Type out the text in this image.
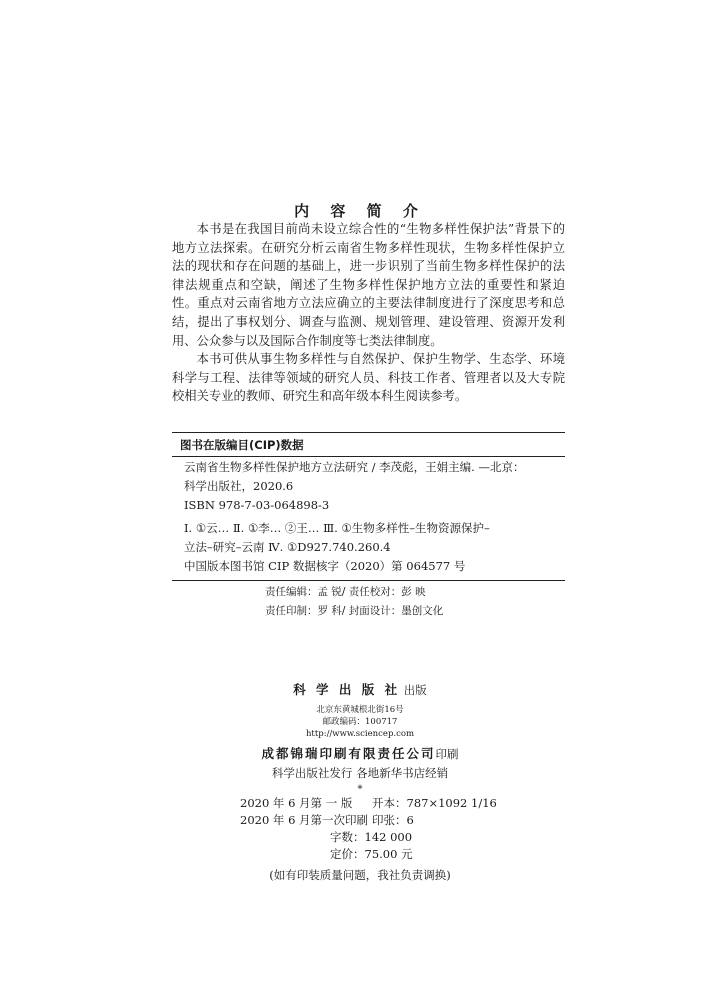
内 容 简 介

本书是在我国目前尚未设立综合性的“生物多样性保护法”背景下的地方立法探索。在研究分析云南省生物多样性现状，生物多样性保护立法的现状和存在问题的基础上，进一步识别了当前生物多样性保护的法律法规重点和空缺，阐述了生物多样性保护地方立法的重要性和紧迫性。重点对云南省地方立法应确立的主要法律制度进行了深度思考和总结，提出了事权划分、调查与监测、规划管理、建设管理、资源开发利用、公众参与以及国际合作制度等七类法律制度。

本书可供从事生物多样性与自然保护、保护生物学、生态学、环境科学与工程、法律等领域的研究人员、科技工作者、管理者以及大专院校相关专业的教师、研究生和高年级本科生阅读参考。

图书在版编目(CIP)数据
云南省生物多样性保护地方立法研究 / 李茂彪，王娟主编. —北京：
科学出版社，2020.6
ISBN 978-7-03-064898-3
Ⅰ. ①云… Ⅱ. ①李… ②王… Ⅲ. ①生物多样性–生物资源保护–
立法–研究–云南 Ⅳ. ①D927.740.260.4
中国版本图书馆 CIP 数据核字（2020）第 064577 号
责任编辑：孟 锐/ 责任校对：彭 映
责任印制：罗 科/ 封面设计：墨创文化
科 学 出 版 社 出版
北京东黄城根北街16号
邮政编码：100717
http://www.sciencep.com
成都锦瑞印刷有限责任公司印刷
科学出版社发行 各地新华书店经销
*
2020 年 6 月第 一 版 开本：787×1092 1/16
2020 年 6 月第一次印刷 印张：6
字数：142 000
定价：75.00 元
(如有印装质量问题，我社负责调换)
